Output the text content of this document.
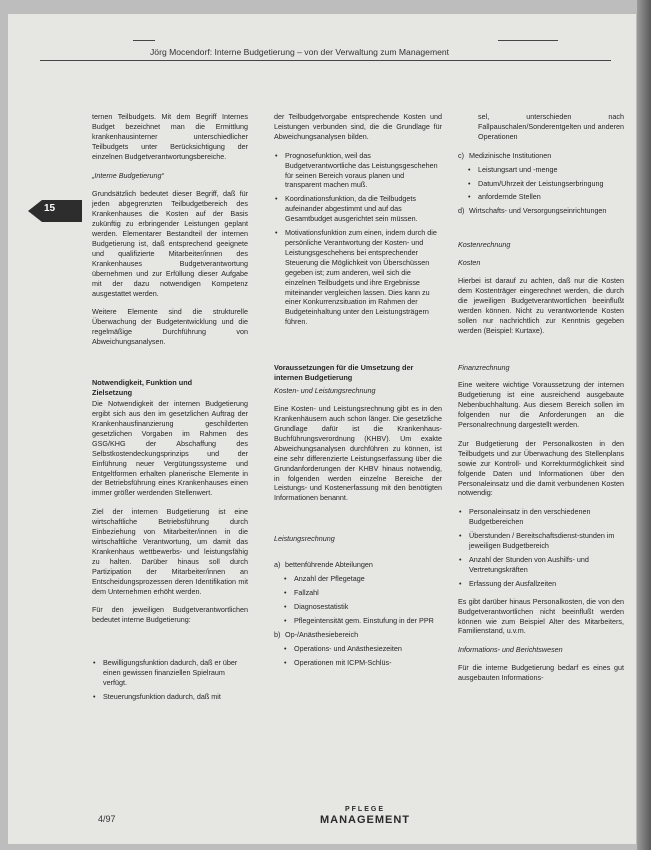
Jörg Mocendorf: Interne Budgetierung – von der Verwaltung zum Management
15

ternen Teilbudgets. Mit dem Begriff Internes Budget bezeichnet man die Ermittlung krankenhausinterner unterschiedlicher Teilbudgets unter Berücksichtigung der einzelnen Budgetverantwortungsbereiche.

„Interne Budgetierung“

Grundsätzlich bedeutet dieser Begriff, daß für jeden abgegrenzten Teilbudgetbereich des Krankenhauses die Kosten auf der Basis zukünftig zu erbringender Leistungen geplant werden. Elementarer Bestandteil der internen Budgetierung ist, daß entsprechend geeignete und qualifizierte Mitarbeiter/innen des Krankenhauses Budgetverantwortung übernehmen und zur Erfüllung dieser Aufgabe mit der dazu notwendigen Kompetenz ausgestattet werden.

Weitere Elemente sind die strukturelle Überwachung der Budgetentwicklung und die regelmäßige Durchführung von Abweichungsanalysen.

Notwendigkeit, Funktion und
Zielsetzung

Die Notwendigkeit der internen Budgetierung ergibt sich aus den im gesetzlichen Auftrag der Krankenhausfinanzierung geschilderten gesetzlichen Vorgaben im Rahmen des GSG/KHG der Abschaffung des Selbstkostendeckungsprinzips und der Einführung neuer Vergütungssysteme und Entgeltformen erhalten planerische Elemente in der Betriebsführung eines Krankenhauses einen immer größer werdenden Stellenwert.

Ziel der internen Budgetierung ist eine wirtschaftliche Betriebsführung durch Einbeziehung von Mitarbeiter/innen in die wirtschaftliche Verantwortung, um damit das Krankenhaus wettbewerbs- und leistungsfähig zu halten. Darüber hinaus soll durch Partizipation der Mitarbeiter/innen an Entscheidungsprozessen deren Identifikation mit dem Unternehmen erhöht werden.

Für den jeweiligen Budgetverantwortlichen bedeutet interne Budgetierung:

• Bewilligungsfunktion dadurch, daß er über einen gewissen finanziellen Spielraum verfügt.
• Steuerungsfunktion dadurch, daß mit

der Teilbudgetvorgabe entsprechende Kosten und Leistungen verbunden sind, die die Grundlage für Abweichungsanalysen bilden.

• Prognosefunktion, weil das Budgetverantwortliche das Leistungsgeschehen für seinen Bereich voraus planen und transparent machen muß.
• Koordinationsfunktion, da die Teilbudgets aufeinander abgestimmt und auf das Gesamtbudget ausgerichtet sein müssen.
• Motivationsfunktion zum einen, indem durch die persönliche Verantwortung der Kosten- und Leistungsgeschehens bei entsprechender Steuerung die Möglichkeit von Überschüssen gegeben ist; zum anderen, weil sich die einzelnen Teilbudgets und ihre Ergebnisse miteinander vergleichen lassen. Dies kann zu einer Konkurrenzsituation im Rahmen der Budgeteinhaltung unter den Leistungsträgern führen.
Voraussetzungen für die Umsetzung der
internen Budgetierung
Kosten- und Leistungsrechnung

Eine Kosten- und Leistungsrechnung gibt es in den Krankenhäusern auch schon länger. Die gesetzliche Grundlage dafür ist die Krankenhaus-Buchführungsverordnung (KHBV). Um exakte Abweichungsanalysen durchführen zu können, ist eine sehr differenzierte Leistungserfassung über die Grundanforderungen der KHBV hinaus notwendig, in folgenden werden einzelne Bereiche der Leistungs- und Kostenerfassung mit den benötigten Informationen benannt.

Leistungsrechnung
a) bettenführende Abteilungen
• Anzahl der Pflegetage
• Fallzahl
• Diagnosestatistik
• Pflegeintensität gem. Einstufung in der PPR
b) Op-/Anästhesiebereich
• Operations- und Anästhesiezeiten
• Operationen mit ICPM-Schlüs-

sel, unterschieden nach Fallpauschalen/Sonderentgelten und anderen Operationen

c) Medizinische Institutionen
• Leistungsart und -menge
• Datum/Uhrzeit der Leistungserbringung
• anfordernde Stellen
d) Wirtschafts- und Versorgungseinrichtungen
Kostenrechnung
Kosten

Hierbei ist darauf zu achten, daß nur die Kosten dem Kostenträger eingerechnet werden, die durch die jeweiligen Budgetverantwortlichen beeinflußt werden können. Nicht zu verantwortende Kosten sollen nur nachrichtlich zur Kenntnis gegeben werden (Beispiel: Kurtaxe).

Finanzrechnung

Eine weitere wichtige Voraussetzung der internen Budgetierung ist eine ausreichend ausgebaute Nebenbuchhaltung. Aus diesem Bereich sollen im folgenden nur die Anforderungen an die Personalrechnung dargestellt werden.

Zur Budgetierung der Personalkosten in den Teilbudgets und zur Überwachung des Stellenplans sowie zur Kontroll- und Korrekturmöglichkeit sind folgende Daten und Informationen über den Personaleinsatz und die damit verbundenen Kosten notwendig:

• Personaleinsatz in den verschiedenen Budgetbereichen
• Überstunden / Bereitschaftsdienst-stunden im jeweiligen Budgetbereich
• Anzahl der Stunden von Aushilfs- und Vertretungskräften
• Erfassung der Ausfallzeiten

Es gibt darüber hinaus Personalkosten, die von den Budgetverantwortlichen nicht beeinflußt werden können wie zum Beispiel Alter des Mitarbeiters, Familienstand, u.v.m.

Informations- und Berichtswesen

Für die interne Budgetierung bedarf es eines gut ausgebauten Informations-

4/97
PFLEGE
MANAGEMENT
